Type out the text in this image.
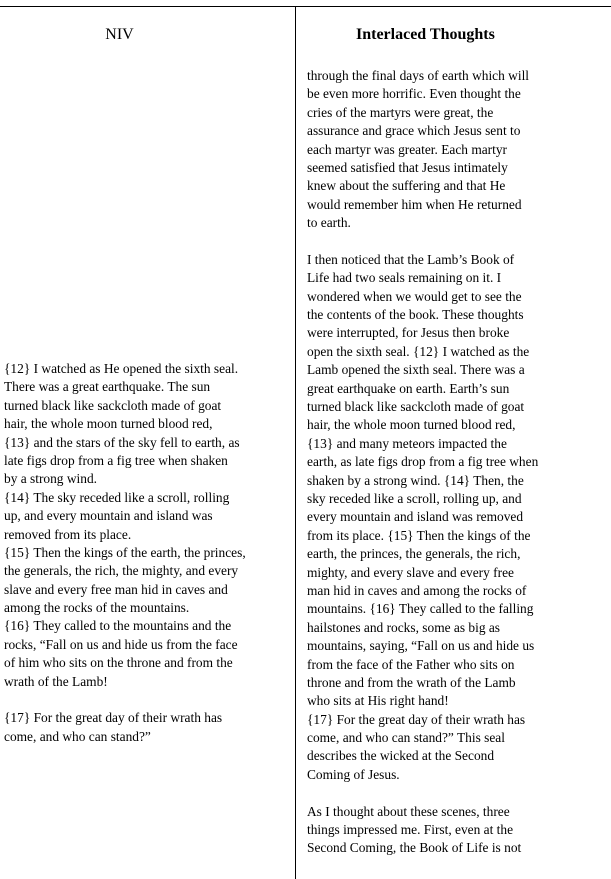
NIV	Interlaced Thoughts
{12} I watched as He opened the sixth seal.
There was a great earthquake. The sun
turned black like sackcloth made of goat
hair, the whole moon turned blood red,
{13} and the stars of the sky fell to earth, as
late figs drop from a fig tree when shaken
by a strong wind.
{14} The sky receded like a scroll, rolling
up, and every mountain and island was
removed from its place.
{15} Then the kings of the earth, the princes,
the generals, the rich, the mighty, and every
slave and every free man hid in caves and
among the rocks of the mountains.
{16} They called to the mountains and the
rocks, “Fall on us and hide us from the face
of him who sits on the throne and from the
wrath of the Lamb!
{17} For the great day of their wrath has
come, and who can stand?”
through the final days of earth which will
be even more horrific. Even thought the
cries of the martyrs were great, the
assurance and grace which Jesus sent to
each martyr was greater. Each martyr
seemed satisfied that Jesus intimately
knew about the suffering and that He
would remember him when He returned
to earth.
I then noticed that the Lamb’s Book of
Life had two seals remaining on it. I
wondered when we would get to see the
the contents of the book. These thoughts
were interrupted, for Jesus then broke
open the sixth seal. {12} I watched as the
Lamb opened the sixth seal. There was a
great earthquake on earth. Earth’s sun
turned black like sackcloth made of goat
hair, the whole moon turned blood red,
{13} and many meteors impacted the
earth, as late figs drop from a fig tree when
shaken by a strong wind. {14} Then, the
sky receded like a scroll, rolling up, and
every mountain and island was removed
from its place. {15} Then the kings of the
earth, the princes, the generals, the rich,
mighty, and every slave and every free
man hid in caves and among the rocks of
mountains. {16} They called to the falling
hailstones and rocks, some as big as
mountains, saying, “Fall on us and hide us
from the face of the Father who sits on
throne and from the wrath of the Lamb
who sits at His right hand!
{17} For the great day of their wrath has
come, and who can stand?” This seal
describes the wicked at the Second
Coming of Jesus.
As I thought about these scenes, three
things impressed me. First, even at the
Second Coming, the Book of Life is not
